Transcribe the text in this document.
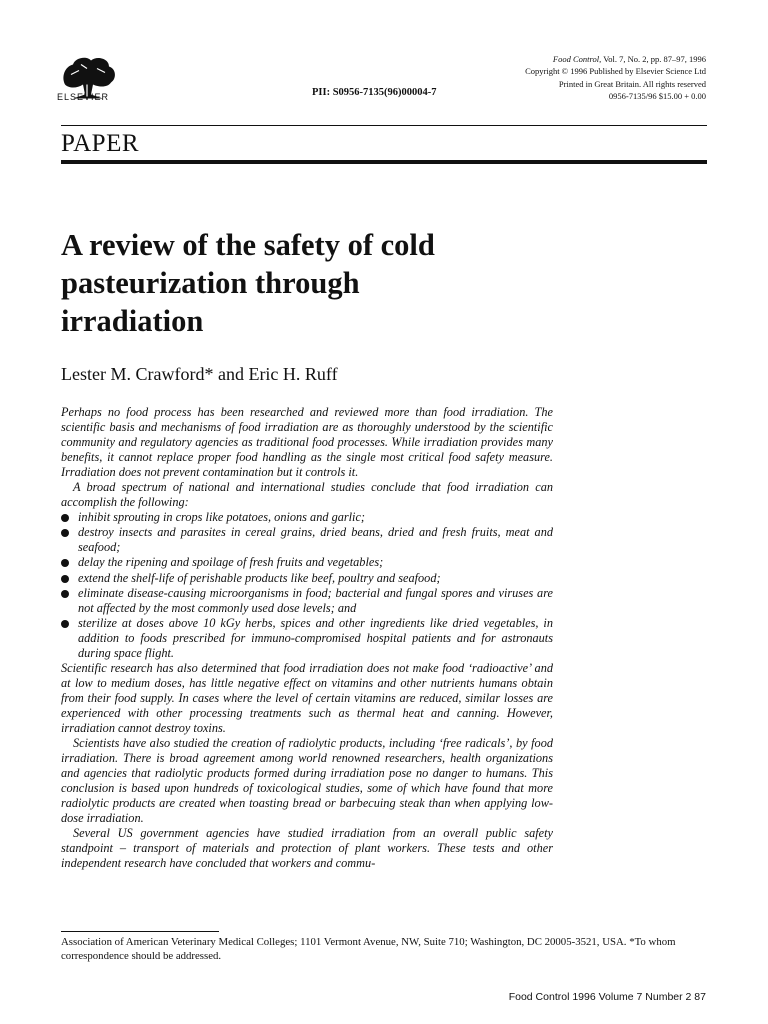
ELSEVIER	PII: S0956-7135(96)00004-7
Food Control, Vol. 7, No. 2, pp. 87–97, 1996
Copyright © 1996 Published by Elsevier Science Ltd
Printed in Great Britain. All rights reserved
0956-7135/96 $15.00 + 0.00
PAPER
A review of the safety of cold
pasteurization through
irradiation
Lester M. Crawford* and Eric H. Ruff

Perhaps no food process has been researched and reviewed more than food irradiation. The scientific basis and mechanisms of food irradiation are as thoroughly understood by the scientific community and regulatory agencies as traditional food processes. While irradiation provides many benefits, it cannot replace proper food handling as the single most critical food safety measure. Irradiation does not prevent contamination but it controls it.

A broad spectrum of national and international studies conclude that food irradiation can accomplish the following:

inhibit sprouting in crops like potatoes, onions and garlic;
destroy insects and parasites in cereal grains, dried beans, dried and fresh fruits, meat and seafood;
delay the ripening and spoilage of fresh fruits and vegetables;
extend the shelf-life of perishable products like beef, poultry and seafood;
eliminate disease-causing microorganisms in food; bacterial and fungal spores and viruses are not affected by the most commonly used dose levels; and
sterilize at doses above 10 kGy herbs, spices and other ingredients like dried vegetables, in addition to foods prescribed for immuno-compromised hospital patients and for astronauts during space flight.

Scientific research has also determined that food irradiation does not make food ‘radioactive’ and at low to medium doses, has little negative effect on vitamins and other nutrients humans obtain from their food supply. In cases where the level of certain vitamins are reduced, similar losses are experienced with other processing treatments such as thermal heat and canning. However, irradiation cannot destroy toxins.

Scientists have also studied the creation of radiolytic products, including ‘free radicals’, by food irradiation. There is broad agreement among world renowned researchers, health organizations and agencies that radiolytic products formed during irradiation pose no danger to humans. This conclusion is based upon hundreds of toxicological studies, some of which have found that more radiolytic products are created when toasting bread or barbecuing steak than when applying low-dose irradiation.

Several US government agencies have studied irradiation from an overall public safety standpoint – transport of materials and protection of plant workers. These tests and other independent research have concluded that workers and commu-

Association of American Veterinary Medical Colleges; 1101 Vermont Avenue, NW, Suite 710; Washington, DC 20005-3521, USA. *To whom correspondence should be addressed.
Food Control 1996 Volume 7 Number 2 87
